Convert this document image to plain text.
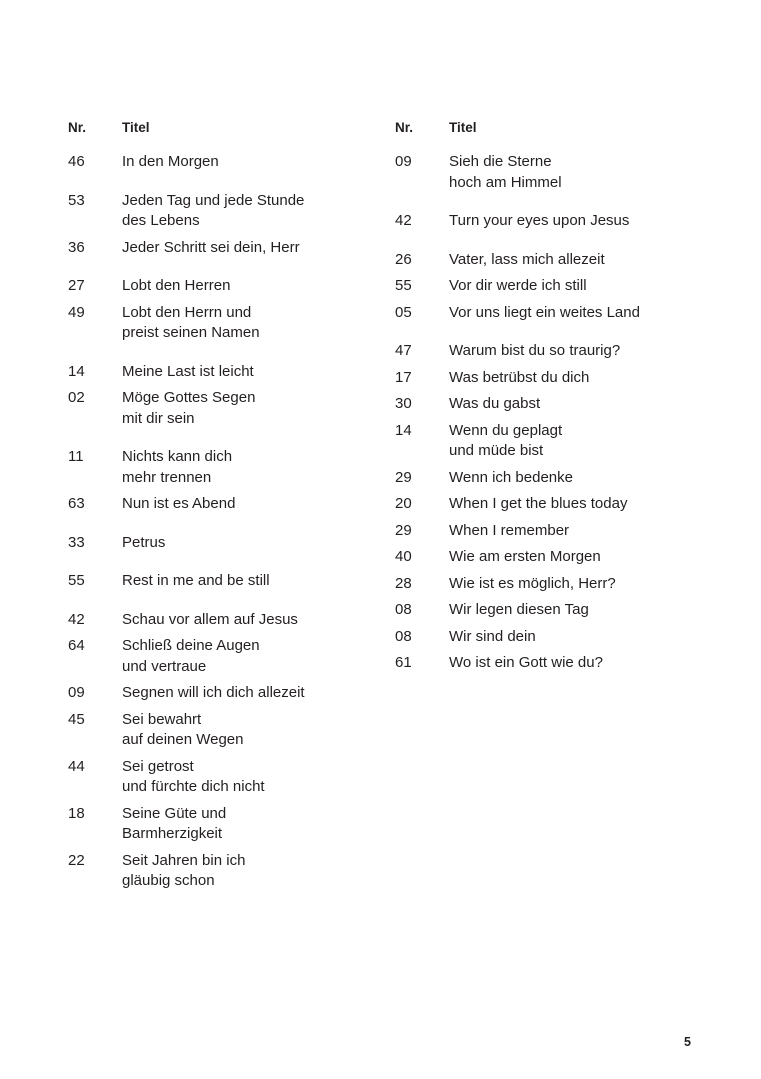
Nr.	Titel
46	In den Morgen
53	Jeden Tag und jede Stunde
des Lebens
36	Jeder Schritt sei dein, Herr
27	Lobt den Herren
49	Lobt den Herrn und
preist seinen Namen
14	Meine Last ist leicht
02	Möge Gottes Segen
mit dir sein
11	Nichts kann dich
mehr trennen
63	Nun ist es Abend
33	Petrus
55	Rest in me and be still
42	Schau vor allem auf Jesus
64	Schließ deine Augen
und vertraue
09	Segnen will ich dich allezeit
45	Sei bewahrt
auf deinen Wegen
44	Sei getrost
und fürchte dich nicht
18	Seine Güte und
Barmherzigkeit
22	Seit Jahren bin ich
gläubig schon
Nr.	Titel
09	Sieh die Sterne
hoch am Himmel
42	Turn your eyes upon Jesus
26	Vater, lass mich allezeit
55	Vor dir werde ich still
05	Vor uns liegt ein weites Land
47	Warum bist du so traurig?
17	Was betrübst du dich
30	Was du gabst
14	Wenn du geplagt
und müde bist
29	Wenn ich bedenke
20	When I get the blues today
29	When I remember
40	Wie am ersten Morgen
28	Wie ist es möglich, Herr?
08	Wir legen diesen Tag
08	Wir sind dein
61	Wo ist ein Gott wie du?
5
